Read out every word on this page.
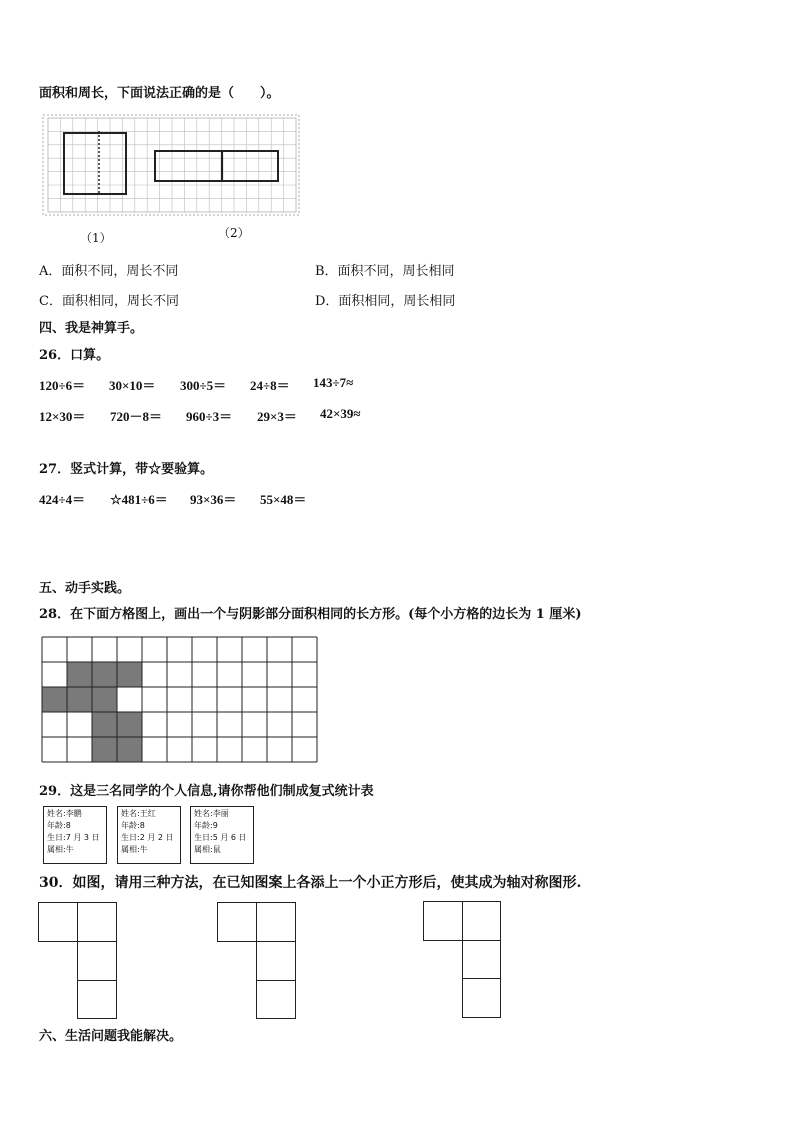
面积和周长，下面说法正确的是（　　）。
（1）	（2）
A．面积不同，周长不同	B．面积不同，周长相同
C．面积相同，周长不同	D．面积相同，周长相同
四、我是神算手。
26．口算。
120÷6＝ 30×10＝ 300÷5＝ 24÷8＝ 143÷7≈
12×30＝ 720－8＝ 960÷3＝ 29×3＝ 42×39≈
27．竖式计算，带☆要验算。
424÷4＝ ☆481÷6＝ 93×36＝ 55×48＝
五、动手实践。
28．在下面方格图上，画出一个与阴影部分面积相同的长方形。(每个小方格的边长为 1 厘米)
29．这是三名同学的个人信息,请你帮他们制成复式统计表
姓名:李鹏
年龄:8
生日:7 月 3 日
属相:牛
姓名:王红
年龄:8
生日:2 月 2 日
属相:牛
姓名:李丽
年龄:9
生日:5 月 6 日
属相:鼠
30．如图，请用三种方法，在已知图案上各添上一个小正方形后，使其成为轴对称图形.
六、生活问题我能解决。
